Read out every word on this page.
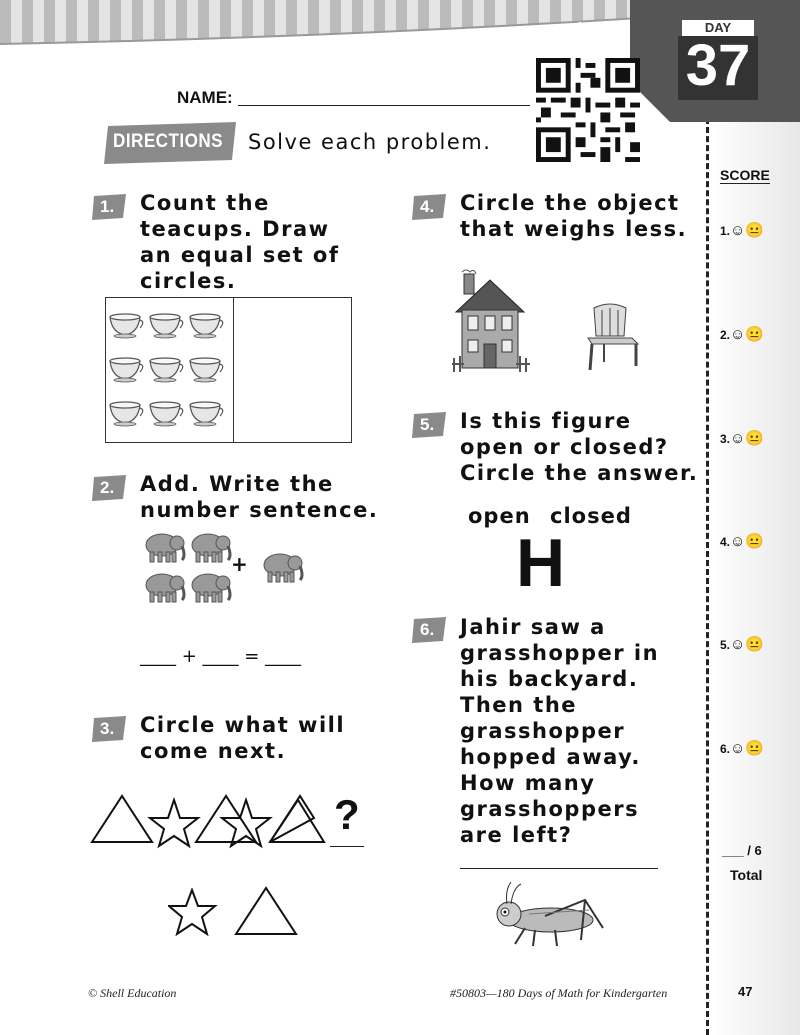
DAY
37
NAME:
DIRECTIONS Solve each problem.
SCORE
1.☺😐
2.☺😐
3.☺😐
4.☺😐
5.☺😐
6.☺😐
___ / 6
Total
1.
2.
3.
4.
5.
6.
Count the
teacups. Draw
an equal set of
circles.
Add. Write the
number sentence.
+
____ + ____ = ____
Circle what will
come next.
?
Circle the object
that weighs less.
Is this figure
open or closed?
Circle the answer.
open closed
H
Jahir saw a
grasshopper in
his backyard.
Then the
grasshopper
hopped away.
How many
grasshoppers
are left?
© Shell Education	#50803—180 Days of Math for Kindergarten	47
